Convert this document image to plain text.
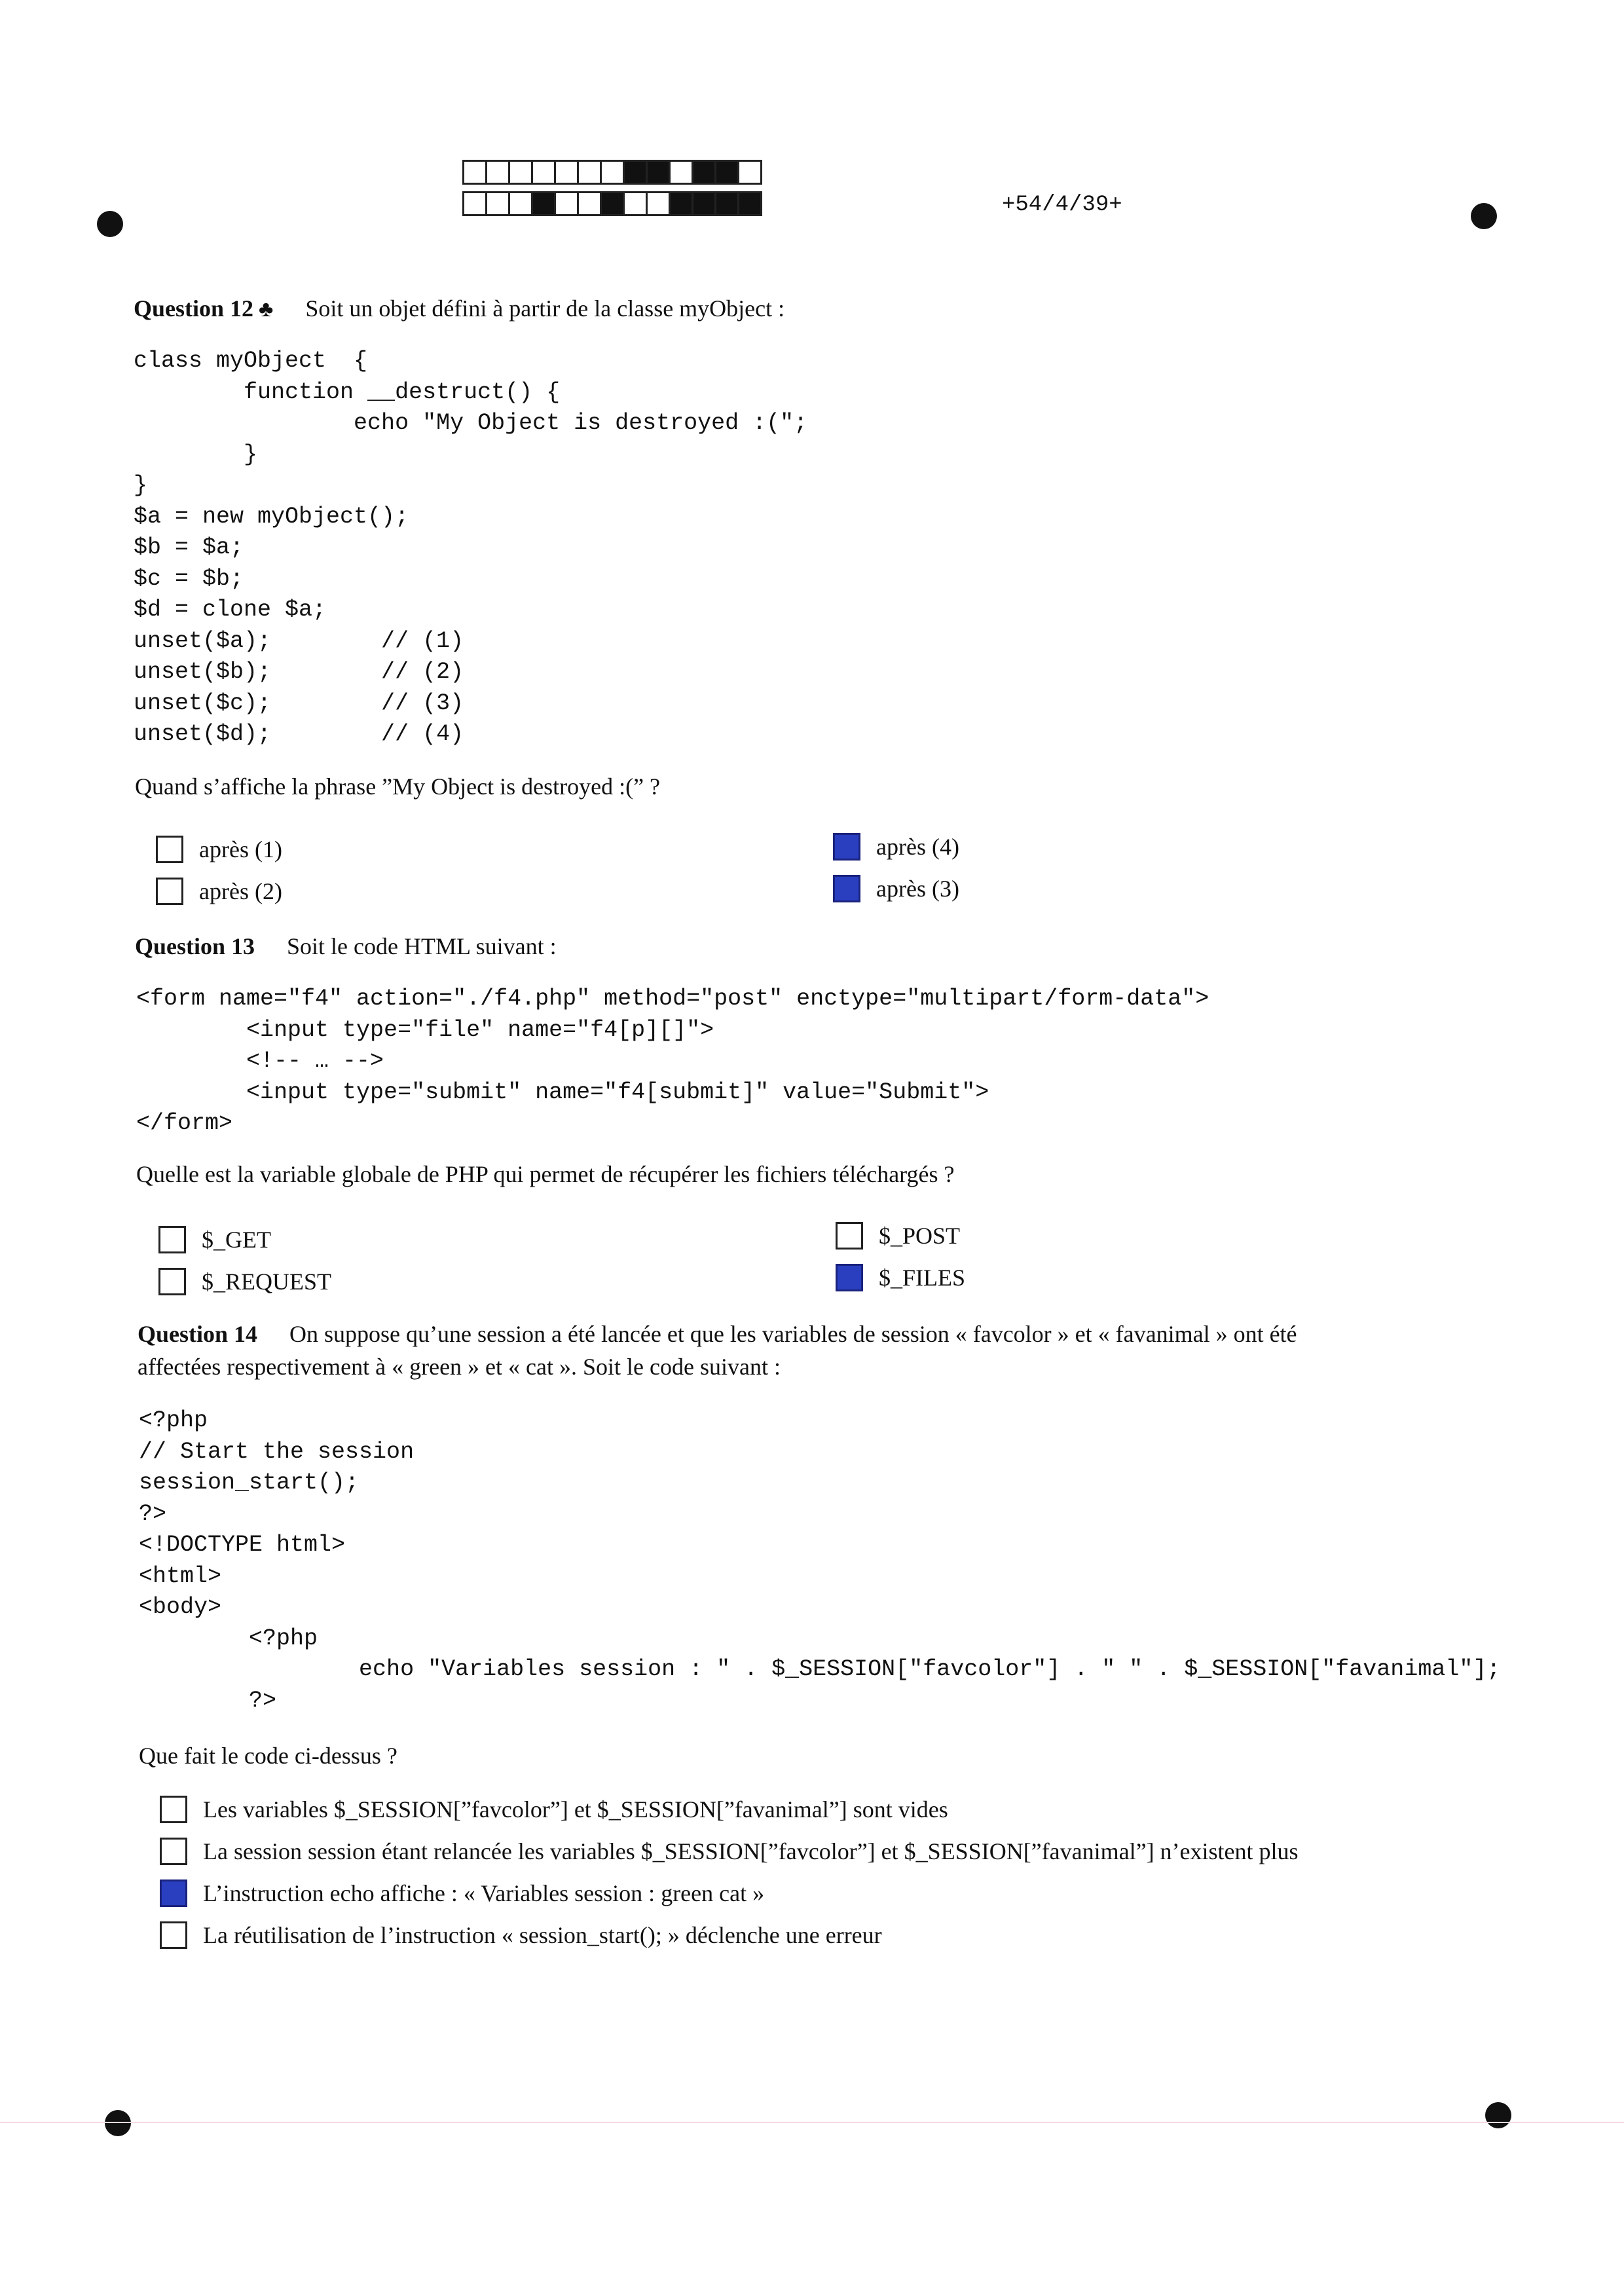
+54/4/39+
Question 12 ♣ Soit un objet défini à partir de la classe myObject :
class myObject  {
function __destruct() {
echo "My Object is destroyed :(";
}
}
$a = new myObject();
$b = $a;
$c = $b;
$d = clone $a;
unset($a);        // (1)
unset($b);        // (2)
unset($c);        // (3)
unset($d);        // (4)
Quand s’affiche la phrase ”My Object is destroyed :(” ?
après (1)
après (2)
après (4)
après (3)
Question 13 Soit le code HTML suivant :
<form name="f4" action="./f4.php" method="post" enctype="multipart/form-data">
<input type="file" name="f4[p][]">
<!-- … -->
<input type="submit" name="f4[submit]" value="Submit">
</form>
Quelle est la variable globale de PHP qui permet de récupérer les fichiers téléchargés ?
$_GET
$_REQUEST
$_POST
$_FILES
Question 14 On suppose qu’une session a été lancée et que les variables de session « favcolor » et « favanimal » ont été
affectées respectivement à « green » et « cat ». Soit le code suivant :
<?php
// Start the session
session_start();
?>
<!DOCTYPE html>
<html>
<body>
<?php
echo "Variables session : " . $_SESSION["favcolor"] . " " . $_SESSION["favanimal"];
?>
Que fait le code ci-dessus ?
Les variables $_SESSION[”favcolor”] et $_SESSION[”favanimal”] sont vides
La session session étant relancée les variables $_SESSION[”favcolor”] et $_SESSION[”favanimal”] n’existent plus
L’instruction echo affiche : « Variables session : green cat »
La réutilisation de l’instruction « session_start(); » déclenche une erreur
